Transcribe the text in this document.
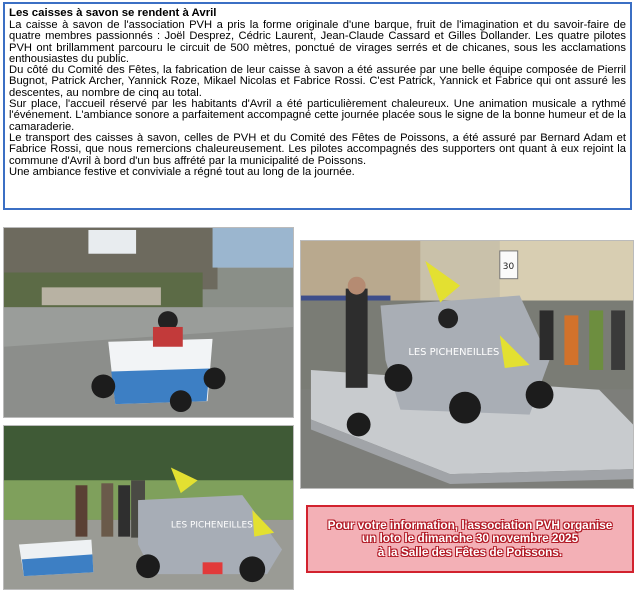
Les caisses à savon se rendent à Avril

La caisse à savon de l'association PVH a pris la forme originale d'une barque, fruit de l'imagination et du savoir-faire de quatre membres passionnés : Joël Desprez, Cédric Laurent, Jean-Claude Cassard et Gilles Dollander. Les quatre pilotes PVH ont brillamment parcouru le circuit de 500 mètres, ponctué de virages serrés et de chicanes, sous les acclamations enthousiastes du public.

Du côté du Comité des Fêtes, la fabrication de leur caisse à savon a été assurée par une belle équipe composée de Pierril Bugnot, Patrick Archer, Yannick Roze, Mikael Nicolas et Fabrice Rossi. C'est Patrick, Yannick et Fabrice qui ont assuré les descentes, au nombre de cinq au total.

Sur place, l'accueil réservé par les habitants d'Avril a été particulièrement chaleureux. Une animation musicale a rythmé l'événement. L'ambiance sonore a parfaitement accompagné cette journée placée sous le signe de la bonne humeur et de la camaraderie.

Le transport des caisses à savon, celles de PVH et du Comité des Fêtes de Poissons, a été assuré par Bernard Adam et Fabrice Rossi, que nous remercions chaleureusement. Les pilotes accompagnés des supporters ont quant à eux rejoint la commune d'Avril à bord d'un bus affrété par la municipalité de Poissons.

Une ambiance festive et conviviale a régné tout au long de la journée.

LES PICHENEILLES
30
LES PICHENEILLES

Pour votre information, l'association PVH organise
un loto le dimanche 30 novembre 2025
à la Salle des Fêtes de Poissons.
